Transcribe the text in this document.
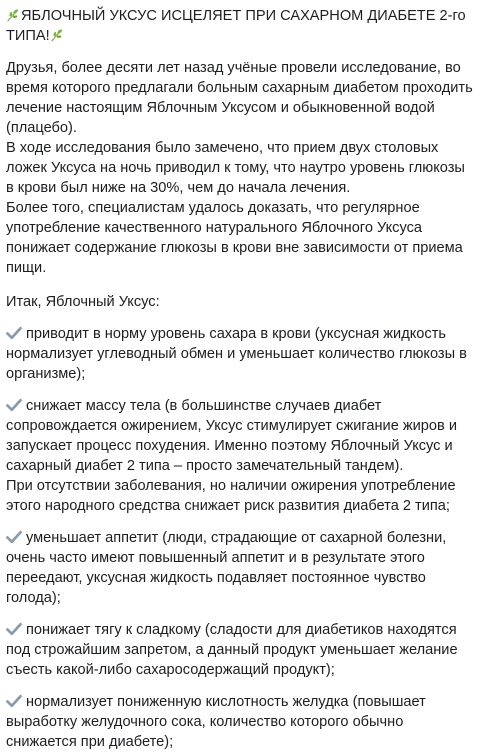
ЯБЛОЧНЫЙ УКСУС ИСЦЕЛЯЕТ ПРИ САХАРНОМ ДИАБЕТЕ 2-го ТИПА!

Друзья, более десяти лет назад учёные провели исследование, во время которого предлагали больным сахарным диабетом проходить лечение настоящим Яблочным Уксусом и обыкновенной водой (плацебо).

В ходе исследования было замечено, что прием двух столовых ложек Уксуса на ночь приводил к тому, что наутро уровень глюкозы в крови был ниже на 30%, чем до начала лечения.

Более того, специалистам удалось доказать, что регулярное употребление качественного натурального Яблочного Уксуса понижает содержание глюкозы в крови вне зависимости от приема пищи.

Итак, Яблочный Уксус:

приводит в норму уровень сахара в крови (уксусная жидкость нормализует углеводный обмен и уменьшает количество глюкозы в организме);
снижает массу тела (в большинстве случаев диабет сопровождается ожирением, Уксус стимулирует сжигание жиров и запускает процесс похудения. Именно поэтому Яблочный Уксус и сахарный диабет 2 типа – просто замечательный тандем).
При отсутствии заболевания, но наличии ожирения употребление этого народного средства снижает риск развития диабета 2 типа;
уменьшает аппетит (люди, страдающие от сахарной болезни, очень часто имеют повышенный аппетит и в результате этого переедают, уксусная жидкость подавляет постоянное чувство голода);
понижает тягу к сладкому (сладости для диабетиков находятся под строжайшим запретом, а данный продукт уменьшает желание съесть какой-либо сахаросодержащий продукт);
нормализует пониженную кислотность желудка (повышает выработку желудочного сока, количество которого обычно снижается при диабете);
